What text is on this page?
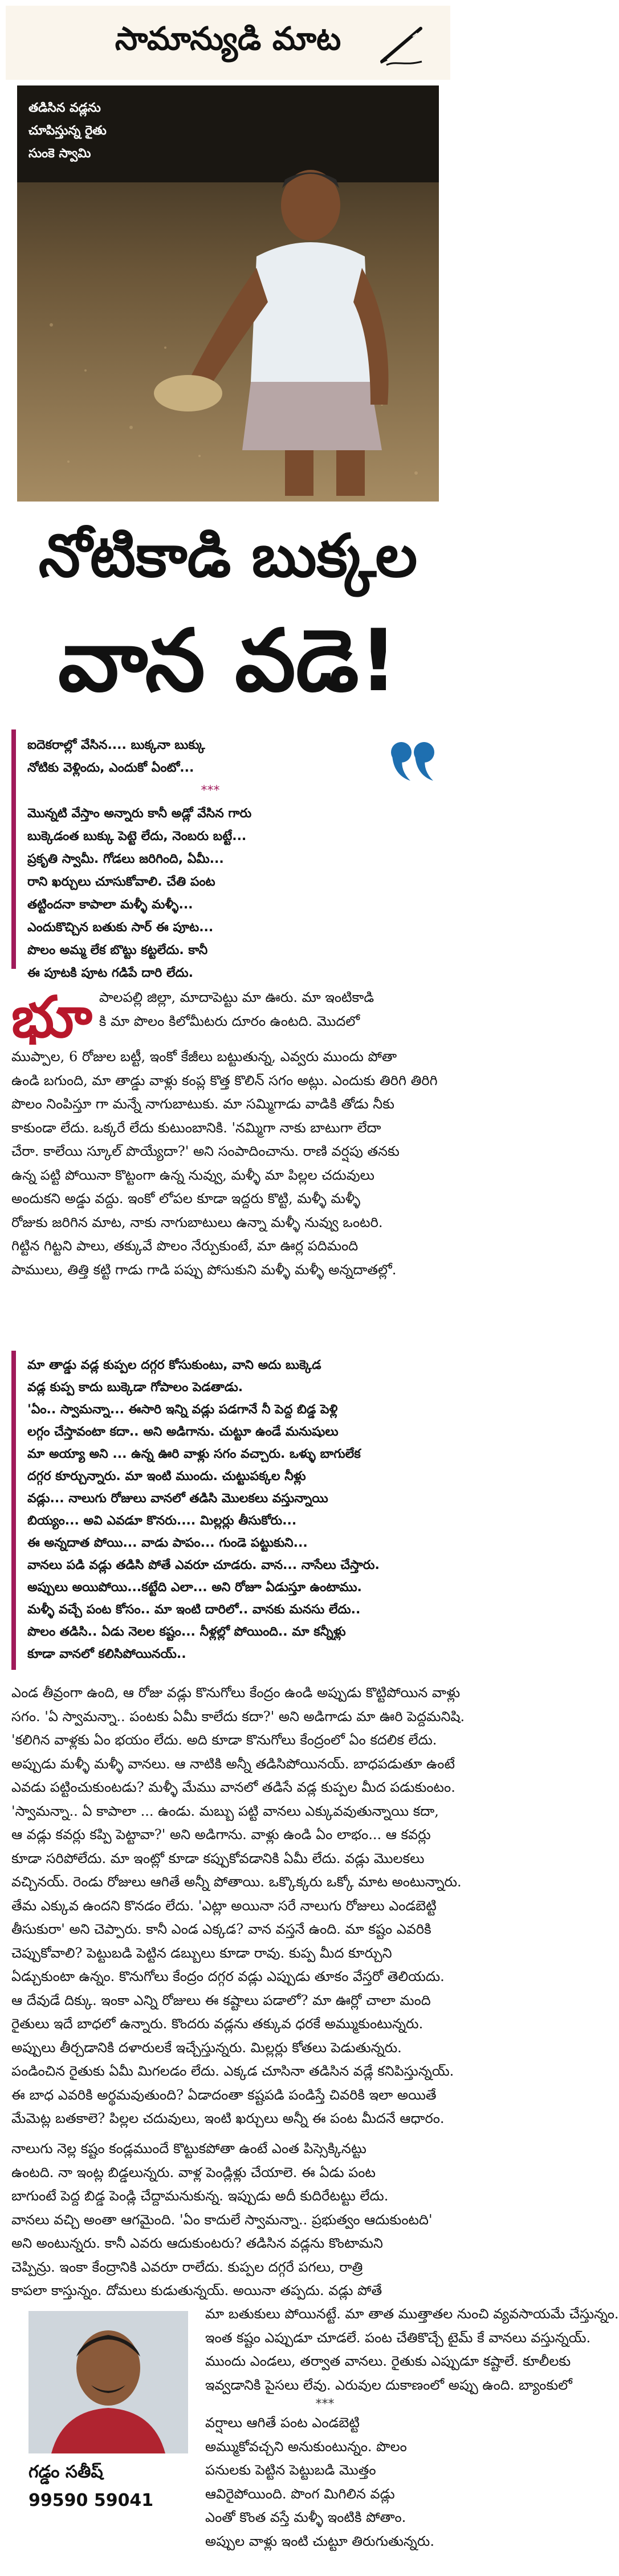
సామాన్యుడి మాట
తడిసిన వడ్లను
చూపిస్తున్న రైతు
సుంకె స్వామి
నోటికాడి బుక్కల
వాన వడె!
ఐదెకరాల్లో వేసిన.... బుక్కనా బుక్కు
నోటికు వెళ్లిందు, ఎందుకో ఏంటో...
***
మొన్నటి వేస్తాం అన్నారు కానీ అడ్లో వేసిన గారు
బుక్కెడంత బుక్కు పెట్టె లేదు, నెంబరు బట్టే...
ప్రకృతి స్వామీ. గోడలు జరిగింది, ఏమీ...
రాని ఖర్చులు చూసుకోవాలి. చేతి పంట
తట్టిందనా కాపాలా మళ్ళీ మళ్ళీ...
ఎందుకొచ్చిన బతుకు సార్ ఈ పూట...
పొలం అమ్మ లేక బొట్టు కట్టలేదు. కానీ
ఈ పూటకి పూట గడిపే దారి లేదు.
భూ పాలపల్లి జిల్లా, మాదాపెట్టు మా ఊరు. మా ఇంటికాడి
కి మా పొలం కిలోమీటరు దూరం ఉంటది. మొదలో
ముప్పాల, 6 రోజుల బట్టీ, ఇంకో కేజీలు బట్టుతున్న, ఎవ్వరు ముందు పోతా
ఉండి బగుంది, మా తాడ్డు వాళ్లు కంప్ల కొత్త కొలిన్ సగం అట్లు. ఎందుకు తిరిగి తిరిగి
పొలం నింపిస్తూ గా మన్నే నాగుబాటుకు. మా సమ్మిగాడు వాడికి తోడు నీకు
కాకుండా లేదు. ఒక్కరే లేదు కుటుంబానికి. 'నమ్మిగా నాకు బాటుగా లేదా
చేరా. కాలేయి స్కూల్ పొయ్యేదా?' అని సంపాదించాను. రాణి వర్షపు తనకు
ఉన్న పట్టి పోయినా కొట్టంగా ఉన్న నువ్వు, మళ్ళీ మా పిల్లల చదువులు
అందుకని అడ్డు వద్దు. ఇంకో లోపల కూడా ఇద్దరు కొట్టి, మళ్ళీ మళ్ళీ
రోజుకు జరిగిన మాట, నాకు నాగుబాటులు ఉన్నా మళ్ళీ నువ్వు ఒంటరి.
గిట్టిన గిట్టని పాలు, తక్కువే పొలం నేర్పుకుంటే, మా ఊర్ల పదిమంది
పాములు, తిత్తి కట్టి గాడు గాడి పప్పు పోసుకుని మళ్ళీ మళ్ళీ అన్నదాతల్లో.
మా తాడ్డు వడ్ల కుప్పల దగ్గర కోసుకుంటు, వాని అదు బుక్కెడ
వడ్ల కుప్ప కాదు బుక్కెడా గోపాలం పెడతాడు.
'ఏం.. స్వామన్నా... ఈసారి ఇన్ని వడ్లు పడగానే నీ పెద్ద బిడ్డ పెళ్లి
లగ్గం చేస్తావంటా కదా.. అని అడిగాను. చుట్టూ ఉండే మనుషులు
మా అయ్యా అని ... ఉన్న ఊరి వాళ్లు సగం వచ్చారు. ఒళ్ళు బాగులేక
దగ్గర కూర్చున్నారు. మా ఇంటి ముందు. చుట్టుపక్కల నీళ్లు
వడ్లు... నాలుగు రోజులు వానలో తడిసి మొలకలు వస్తున్నాయి
బియ్యం... అవి ఎవడూ కొనరు.... మిల్లర్లు తీసుకోరు...
ఈ అన్నదాత పోయి... వాడు పాపం... గుండె పట్టుకుని...
వానలు పడి వడ్లు తడిసి పోతే ఎవరూ చూడరు. వాన... నాసేలు చేస్తారు.
అప్పులు అయిపోయి...కట్టేది ఎలా... అని రోజూ ఏడుస్తూ ఉంటాము.
మళ్ళీ వచ్చే పంట కోసం.. మా ఇంటి దారిలో.. వానకు మనసు లేదు..
పొలం తడిసి.. ఏడు నెలల కష్టం... నీళ్లల్లో పోయింది.. మా కన్నీళ్లు
కూడా వానలో కలిసిపోయినయ్..
ఎండ తీవ్రంగా ఉంది, ఆ రోజు వడ్లు కొనుగోలు కేంద్రం ఉండి అప్పుడు కొట్టిపోయిన వాళ్లు
సగం. 'ఏ స్వామన్నా.. పంటకు ఏమీ కాలేదు కదా?' అని అడిగాడు మా ఊరి పెద్దమనిషి.
'కలిగిన వాళ్లకు ఏం భయం లేదు. అది కూడా కొనుగోలు కేంద్రంలో ఏం కదలిక లేదు.
అప్పుడు మళ్ళీ మళ్ళీ వానలు. ఆ నాటికి అన్నీ తడిసిపోయినయ్. బాధపడుతూ ఉంటే
ఎవడు పట్టించుకుంటడు? మళ్ళీ మేము వానలో తడిసే వడ్ల కుప్పల మీద పడుకుంటం.
'స్వామన్నా.. ఏ కాపాలా ... ఉండు. మబ్బు పట్టి వానలు ఎక్కువవుతున్నాయి కదా,
ఆ వడ్లు కవర్లు కప్పి పెట్టావా?' అని అడిగాను. వాళ్లు ఉండి ఏం లాభం... ఆ కవర్లు
కూడా సరిపోలేదు. మా ఇంట్లో కూడా కప్పుకోవడానికి ఏమీ లేదు. వడ్లు మొలకలు
వచ్చినయ్. రెండు రోజులు ఆగితే అన్నీ పోతాయి. ఒక్కొక్కరు ఒక్కో మాట అంటున్నారు.
తేమ ఎక్కువ ఉందని కొనడం లేదు. 'ఎట్లా అయినా సరే నాలుగు రోజులు ఎండబెట్టి
తీసుకురా' అని చెప్పారు. కానీ ఎండ ఎక్కడ? వాన వస్తనే ఉంది. మా కష్టం ఎవరికి
చెప్పుకోవాలి? పెట్టుబడి పెట్టిన డబ్బులు కూడా రావు. కుప్ప మీద కూర్చుని
ఏడ్చుకుంటా ఉన్నం. కొనుగోలు కేంద్రం దగ్గర వడ్లు ఎప్పుడు తూకం వేస్తరో తెలియదు.
ఆ దేవుడే దిక్కు. ఇంకా ఎన్ని రోజులు ఈ కష్టాలు పడాలో? మా ఊర్లో చాలా మంది
రైతులు ఇదే బాధలో ఉన్నారు. కొందరు వడ్లను తక్కువ ధరకే అమ్ముకుంటున్నరు.
అప్పులు తీర్చడానికి దళారులకే ఇచ్చేస్తున్నరు. మిల్లర్లు కోతలు పెడుతున్నరు.
పండించిన రైతుకు ఏమీ మిగలడం లేదు. ఎక్కడ చూసినా తడిసిన వడ్లే కనిపిస్తున్నయ్.
ఈ బాధ ఎవరికి అర్థమవుతుంది? ఏడాదంతా కష్టపడి పండిస్తే చివరికి ఇలా అయితే
మేమెట్ల బతకాలె? పిల్లల చదువులు, ఇంటి ఖర్చులు అన్నీ ఈ పంట మీదనే ఆధారం.
నాలుగు నెల్ల కష్టం కండ్లముందే కొట్టుకపోతా ఉంటే ఎంత పిస్సెక్కినట్టు
ఉంటది. నా ఇంట్ల బిడ్డలున్నరు. వాళ్ల పెండ్లిళ్లు చేయాలె. ఈ ఏడు పంట
బాగుంటే పెద్ద బిడ్డ పెండ్లి చేద్దామనుకున్న. ఇప్పుడు అదీ కుదిరేటట్టు లేదు.
వానలు వచ్చి అంతా ఆగమైంది. 'ఏం కాదులే స్వామన్నా.. ప్రభుత్వం ఆదుకుంటది'
అని అంటున్నరు. కానీ ఎవరు ఆదుకుంటరు? తడిసిన వడ్లను కొంటామని
చెప్పిన్రు. ఇంకా కేంద్రానికి ఎవరూ రాలేదు. కుప్పల దగ్గరే పగలు, రాత్రి
కాపలా కాస్తున్నం. దోమలు కుడుతున్నయ్. అయినా తప్పదు. వడ్లు పోతే
మా బతుకులు పోయినట్టే. మా తాత ముత్తాతల నుంచి వ్యవసాయమే చేస్తున్నం.
ఇంత కష్టం ఎప్పుడూ చూడలే. పంట చేతికొచ్చే టైమ్ కే వానలు వస్తున్నయ్.
ముందు ఎండలు, తర్వాత వానలు. రైతుకు ఎప్పుడూ కష్టాలే. కూలీలకు
ఇవ్వడానికి పైసలు లేవు. ఎరువుల దుకాణంలో అప్పు ఉంది. బ్యాంకులో
***
వర్షాలు ఆగితే పంట ఎండబెట్టి
అమ్ముకోవచ్చని అనుకుంటున్నం. పొలం
పనులకు పెట్టిన పెట్టుబడి మొత్తం
ఆవిరైపోయింది. పొంగ మిగిలిన వడ్లు
ఎంతో కొంత వస్తే మళ్ళీ ఇంటికి పోతాం.
అప్పుల వాళ్లు ఇంటి చుట్టూ తిరుగుతున్నరు.
గడ్డం సతీష్
99590 59041
